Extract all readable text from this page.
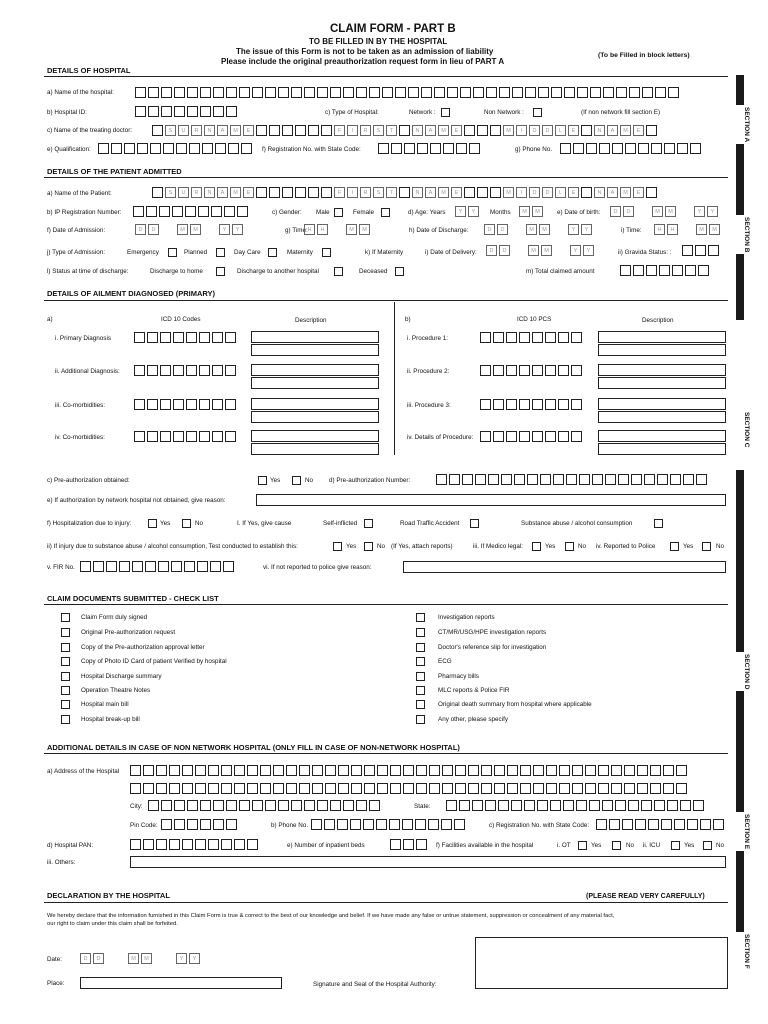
CLAIM FORM - PART B
TO BE FILLED IN BY THE HOSPITAL
The issue of this Form is not to be taken as an admission of liability
Please include the original preauthorization request form in lieu of PART A
(To be Filled in block letters)
SECTION A
SECTION B
SECTION C
SECTION D
SECTION E
SECTION F
DETAILS OF HOSPITAL
a) Name of the hospital:
b) Hospital ID:	c) Type of Hospital:	Network :	Non Network :	(If non network fill section E)
c) Name of the treating doctor:	S	U	R	N	A	M	E	F	I	R	S	T	N	A	M	E	M	I	D	D	L	E	N	A	M	E
e) Qualification:	f) Registration No. with State Code:	g) Phone No.
DETAILS OF THE PATIENT ADMITTED
a) Name of the Patient:	S	U	R	N	A	M	E	F	I	R	S	T	N	A	M	E	M	I	D	D	L	E	N	A	M	E
b) IP Registration Number:	c) Gender: Male	Female	d) Age: Years	Y	Y	Months	M	M	e) Date of birth:	D	D	M	M	Y	Y
f) Date of Admission:	D	D	M	M	Y	Y	g) Time: H	H	M	M	h) Date of Discharge:	D	D	M	M	Y	Y	i) Time:	H	H	M	M
j) Type of Admission:	Emergency	Planned	Day Care	Maternity	k) If Maternity	i) Date of Delivery:	D	D	M	M	Y	Y	ii) Gravida Status: :
l) Status at time of discharge:	Discharge to home	Discharge to another hospital	Deceased	m) Total claimed amount
DETAILS OF AILMENT DIAGNOSED (PRIMARY)
a)	ICD 10 Codes	Description	b)	ICD 10 PCS	Description
i. Primary Diagnosis
ii. Additional Diagnosis:
iii. Co-morbidities:
iv. Co-morbidities:
i. Procedure 1:
ii. Procedure 2:
iii. Procedure 3:
iv. Details of Procedure:
c) Pre-authorization obtained:	Yes	No	d) Pre-authorization Number:
e) If authorization by network hospital not obtained, give reason:
f) Hospitalization due to injury:	Yes	No	I. If Yes, give cause	Self-inflicted	Road Traffic Accident	Substance abuse / alcohol consumption
ii) If injury due to substance abuse / alcohol consumption, Test conducted to establish this:	Yes	No (If Yes, attach reports)	iii. If Medico legal:	Yes	No iv. Reported to Police	Yes	No
v. FIR No.	vi. If not reported to police give reason:
CLAIM DOCUMENTS SUBMITTED - CHECK LIST
Claim Form duly signed
Original Pre-authorization request
Copy of the Pre-authorization approval letter
Copy of Photo ID Card of patient Verified by hospital
Hospital Discharge summary
Operation Theatre Notes
Hospital main bill
Hospital break-up bill
Investigation reports
CT/MR/USG/HPE investigation reports
Doctor's reference slip for investigation
ECG
Pharmacy bills
MLC reports & Police FIR
Original death summary from hospital where applicable
Any other, please specify
ADDITIONAL DETAILS IN CASE OF NON NETWORK HOSPITAL (ONLY FILL IN CASE OF NON-NETWORK HOSPITAL)
a) Address of the Hospital
City:	State:
Pin Code:	b) Phone No.	c) Registration No. with State Code:
d) Hospital PAN:	e) Number of inpatient beds	f) Facilities available in the hospital	i. OT	Yes	No ii. ICU	Yes	No
iii. Others:
DECLARATION BY THE HOSPITAL	(PLEASE READ VERY CAREFULLY)
We hereby declare that the information furnished in this Claim Form is true & correct to the best of our knowledge and belief. If we have made any false or untrue statement, suppression or concealment of any material fact,
our right to claim under this claim shall be forfeited.
Date:	D	D	M	M	Y	Y
Place:	Signature and Seal of the Hospital Authority:
